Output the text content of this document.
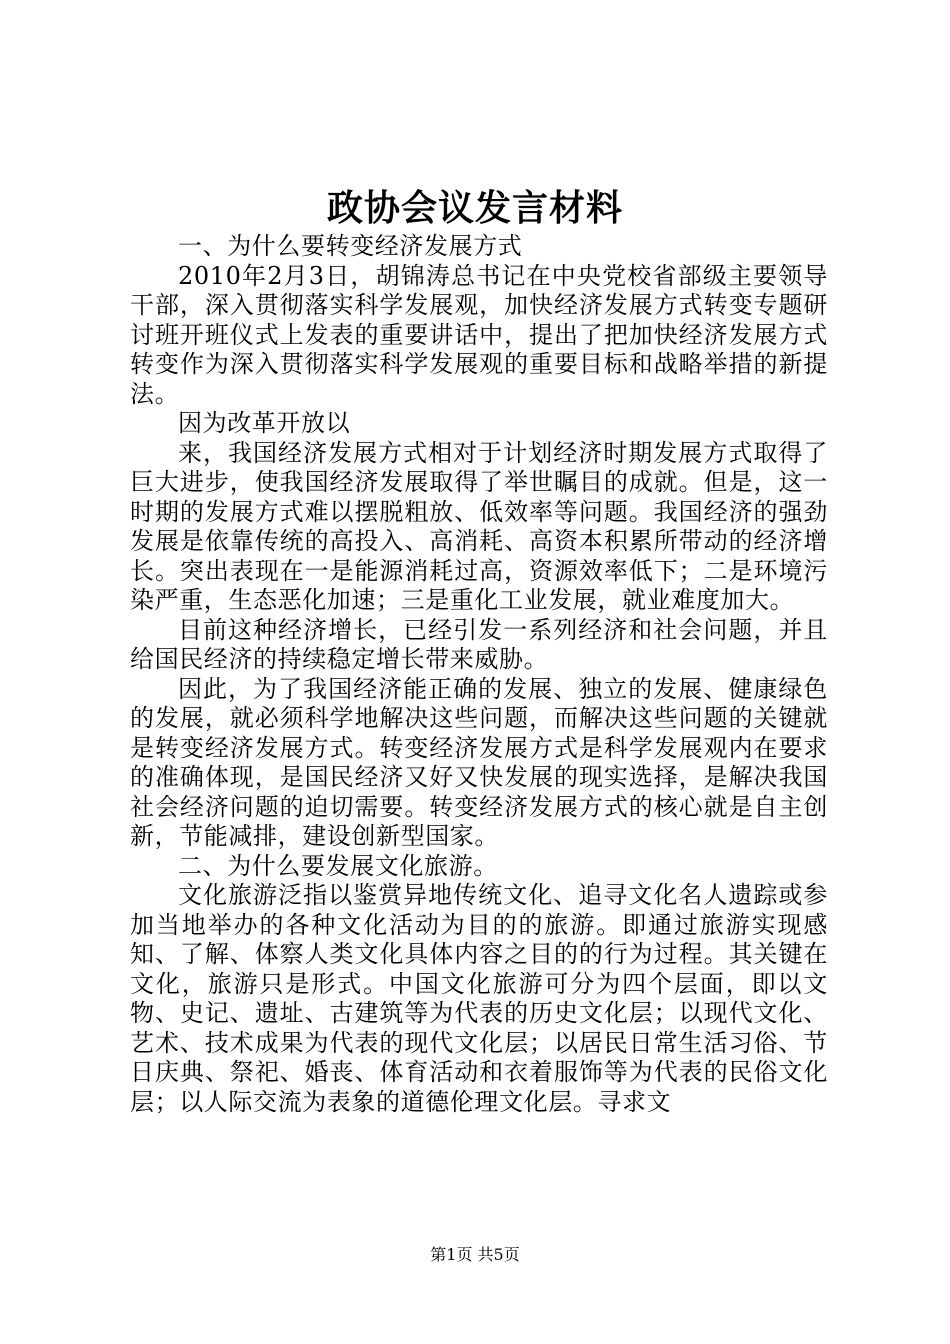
政协会议发言材料

一、为什么要转变经济发展方式

2010年2月3日，胡锦涛总书记在中央党校省部级主要领导干部，深入贯彻落实科学发展观，加快经济发展方式转变专题研讨班开班仪式上发表的重要讲话中，提出了把加快经济发展方式转变作为深入贯彻落实科学发展观的重要目标和战略举措的新提法。

因为改革开放以

来，我国经济发展方式相对于计划经济时期发展方式取得了巨大进步，使我国经济发展取得了举世瞩目的成就。但是，这一时期的发展方式难以摆脱粗放、低效率等问题。我国经济的强劲发展是依靠传统的高投入、高消耗、高资本积累所带动的经济增长。突出表现在一是能源消耗过高，资源效率低下；二是环境污染严重，生态恶化加速；三是重化工业发展，就业难度加大。

目前这种经济增长，已经引发一系列经济和社会问题，并且给国民经济的持续稳定增长带来威胁。

因此，为了我国经济能正确的发展、独立的发展、健康绿色的发展，就必须科学地解决这些问题，而解决这些问题的关键就是转变经济发展方式。转变经济发展方式是科学发展观内在要求的准确体现，是国民经济又好又快发展的现实选择，是解决我国社会经济问题的迫切需要。转变经济发展方式的核心就是自主创新，节能减排，建设创新型国家。

二、为什么要发展文化旅游。

文化旅游泛指以鉴赏异地传统文化、追寻文化名人遗踪或参加当地举办的各种文化活动为目的的旅游。即通过旅游实现感知、了解、体察人类文化具体内容之目的的行为过程。其关键在文化，旅游只是形式。中国文化旅游可分为四个层面，即以文物、史记、遗址、古建筑等为代表的历史文化层；以现代文化、艺术、技术成果为代表的现代文化层；以居民日常生活习俗、节日庆典、祭祀、婚丧、体育活动和衣着服饰等为代表的民俗文化层；以人际交流为表象的道德伦理文化层。寻求文

第1页 共5页
